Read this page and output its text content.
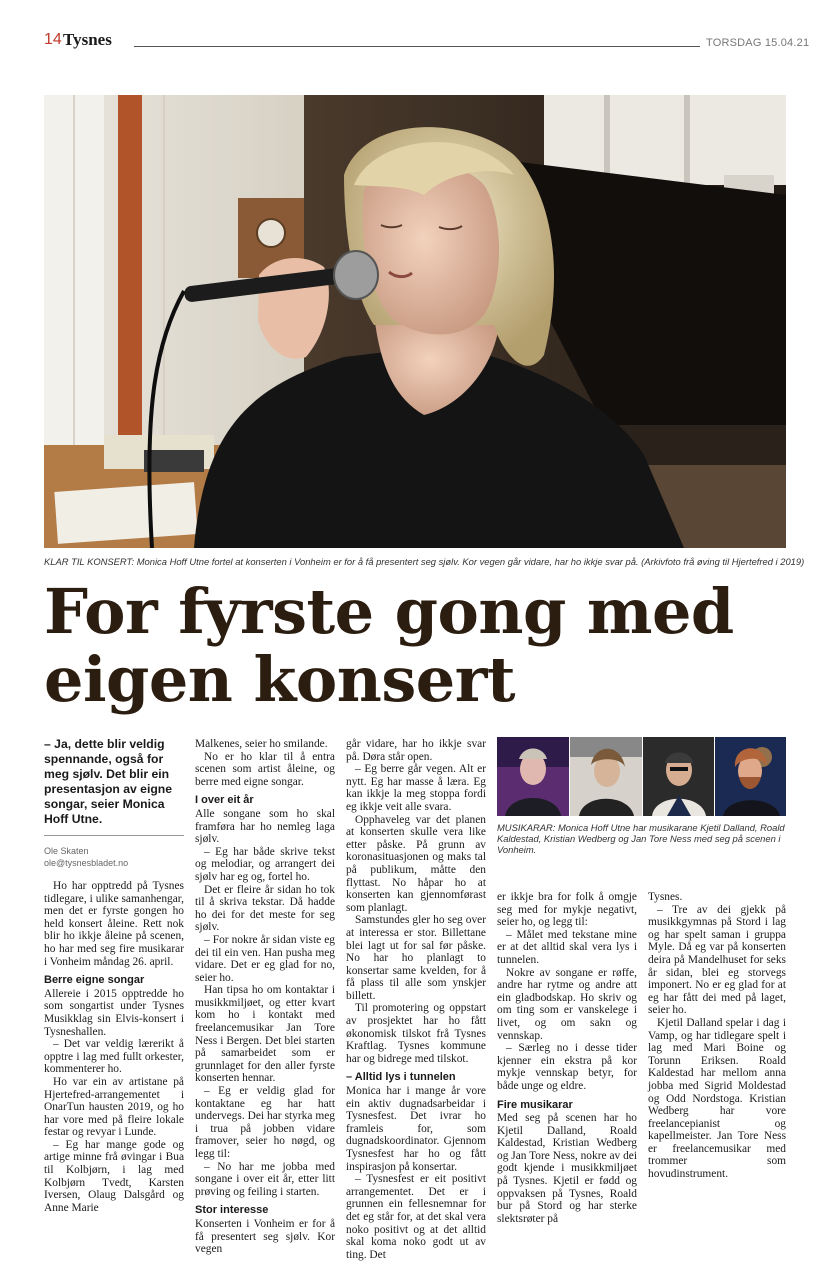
14 Tysnes	TORSDAG 15.04.21
KLAR TIL KONSERT: Monica Hoff Utne fortel at konserten i Vonheim er for å få presentert seg sjølv. Kor vegen går vidare, har ho ikkje svar på. (Arkivfoto frå øving til Hjertefred i 2019)
For fyrste gong med
eigen konsert
– Ja, dette blir veldig spennande, også for meg sjølv. Det blir ein presentasjon av eigne songar, seier Monica Hoff Utne.
Ole Skaten
ole@tysnesbladet.no

Ho har opptredd på Tysnes tidlegare, i ulike samanhengar, men det er fyrste gongen ho held konsert åleine. Rett nok blir ho ikkje åleine på scenen, ho har med seg fire musikarar i Vonheim måndag 26. april.

Berre eigne songar

Allereie i 2015 opptredde ho som songartist under Tysnes Musikklag sin Elvis-konsert i Tysneshallen.

– Det var veldig lærerikt å opptre i lag med fullt orkester, kommenterer ho.

Ho var ein av artistane på Hjertefred-arrangementet i OnarTun hausten 2019, og ho har vore med på fleire lokale festar og revyar i Lunde.

– Eg har mange gode og artige minne frå øvingar i Bua til Kolbjørn, i lag med Kolbjørn Tvedt, Karsten Iversen, Olaug Dalsgård og Anne Marie

Malkenes, seier ho smilande.

No er ho klar til å entra scenen som artist åleine, og berre med eigne songar.

I over eit år

Alle songane som ho skal framføra har ho nemleg laga sjølv.

– Eg har både skrive tekst og melodiar, og arrangert dei sjølv har eg og, fortel ho.

Det er fleire år sidan ho tok til å skriva tekstar. Då hadde ho dei for det meste for seg sjølv.

– For nokre år sidan viste eg dei til ein ven. Han pusha meg vidare. Det er eg glad for no, seier ho.

Han tipsa ho om kontaktar i musikkmiljøet, og etter kvart kom ho i kontakt med freelancemusikar Jan Tore Ness i Bergen. Det blei starten på samarbeidet som er grunnlaget for den aller fyrste konserten hennar.

– Eg er veldig glad for kontaktane eg har hatt undervegs. Dei har styrka meg i trua på jobben vidare framover, seier ho nøgd, og legg til:

– No har me jobba med songane i over eit år, etter litt prøving og feiling i starten.

Stor interesse

Konserten i Vonheim er for å få presentert seg sjølv. Kor vegen

går vidare, har ho ikkje svar på. Døra står open.

– Eg berre går vegen. Alt er nytt. Eg har masse å læra. Eg kan ikkje la meg stoppa fordi eg ikkje veit alle svara.

Opphaveleg var det planen at konserten skulle vera like etter påske. På grunn av koronasituasjonen og maks tal på publikum, måtte den flyttast. No håpar ho at konserten kan gjennomførast som planlagt.

Samstundes gler ho seg over at interessa er stor. Billettane blei lagt ut for sal før påske. No har ho planlagt to konsertar same kvelden, for å få plass til alle som ynskjer billett.

Til promotering og oppstart av prosjektet har ho fått økonomisk tilskot frå Tysnes Kraftlag. Tysnes kommune har og bidrege med tilskot.

– Alltid lys i tunnelen

Monica har i mange år vore ein aktiv dugnadsarbeidar i Tysnesfest. Det ivrar ho framleis for, som dugnadskoordinator. Gjennom Tysnesfest har ho og fått inspirasjon på konsertar.

– Tysnesfest er eit positivt arrangementet. Det er i grunnen ein fellesnemnar for det eg står for, at det skal vera noko positivt og at det alltid skal koma noko godt ut av ting. Det

MUSIKARAR: Monica Hoff Utne har musikarane Kjetil Dalland, Roald Kaldestad, Kristian Wedberg og Jan Tore Ness med seg på scenen i Vonheim.

er ikkje bra for folk å omgje seg med for mykje negativt, seier ho, og legg til:

– Målet med tekstane mine er at det alltid skal vera lys i tunnelen.

Nokre av songane er røffe, andre har rytme og andre att ein gladbodskap. Ho skriv og om ting som er vanskelege i livet, og om sakn og vennskap.

– Særleg no i desse tider kjenner ein ekstra på kor mykje vennskap betyr, for både unge og eldre.

Fire musikarar

Med seg på scenen har ho Kjetil Dalland, Roald Kaldestad, Kristian Wedberg og Jan Tore Ness, nokre av dei godt kjende i musikkmiljøet på Tysnes. Kjetil er fødd og oppvaksen på Tysnes, Roald bur på Stord og har sterke slektsrøter på

Tysnes.

– Tre av dei gjekk på musikkgymnas på Stord i lag og har spelt saman i gruppa Myle. Då eg var på konserten deira på Mandelhuset for seks år sidan, blei eg storvegs imponert. No er eg glad for at eg har fått dei med på laget, seier ho.

Kjetil Dalland spelar i dag i Vamp, og har tidlegare spelt i lag med Mari Boine og Torunn Eriksen. Roald Kaldestad har mellom anna jobba med Sigrid Moldestad og Odd Nordstoga. Kristian Wedberg har vore freelancepianist og kapellmeister. Jan Tore Ness er freelancemusikar med trommer som hovudinstrument.
